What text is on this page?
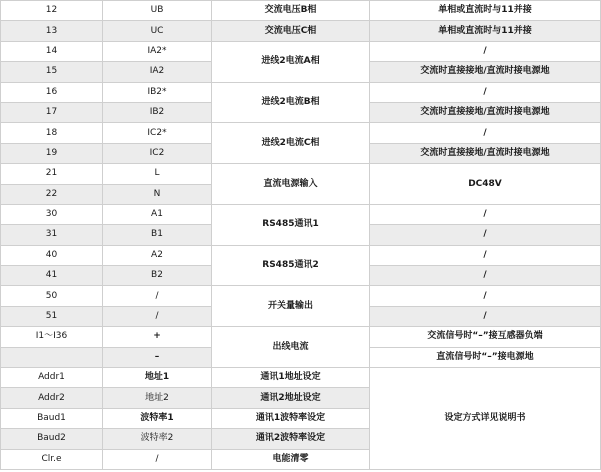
12	UB	交流电压B相	单相或直流时与11并接
13	UC	交流电压C相	单相或直流时与11并接
14	IA2*	进线2电流A相	/
15	IA2		交流时直接接地/直流时接电源地
16	IB2*	进线2电流B相	/
17	IB2		交流时直接接地/直流时接电源地
18	IC2*	进线2电流C相	/
19	IC2		交流时直接接地/直流时接电源地
21	L	直流电源输入	DC48V
22	N		
30	A1	RS485通讯1	/
31	B1		/
40	A2	RS485通讯2	/
41	B2		/
50	/	开关量输出	/
51	/		/
I1～I36	+	出线电流	交流信号时“–”接互感器负端
	–		直流信号时“–”接电源地
Addr1	地址1	通讯1地址设定	设定方式详见说明书
Addr2	地址2	通讯2地址设定	
Baud1	波特率1	通讯1波特率设定	
Baud2	波特率2	通讯2波特率设定	
Clr.e	/	电能清零	
